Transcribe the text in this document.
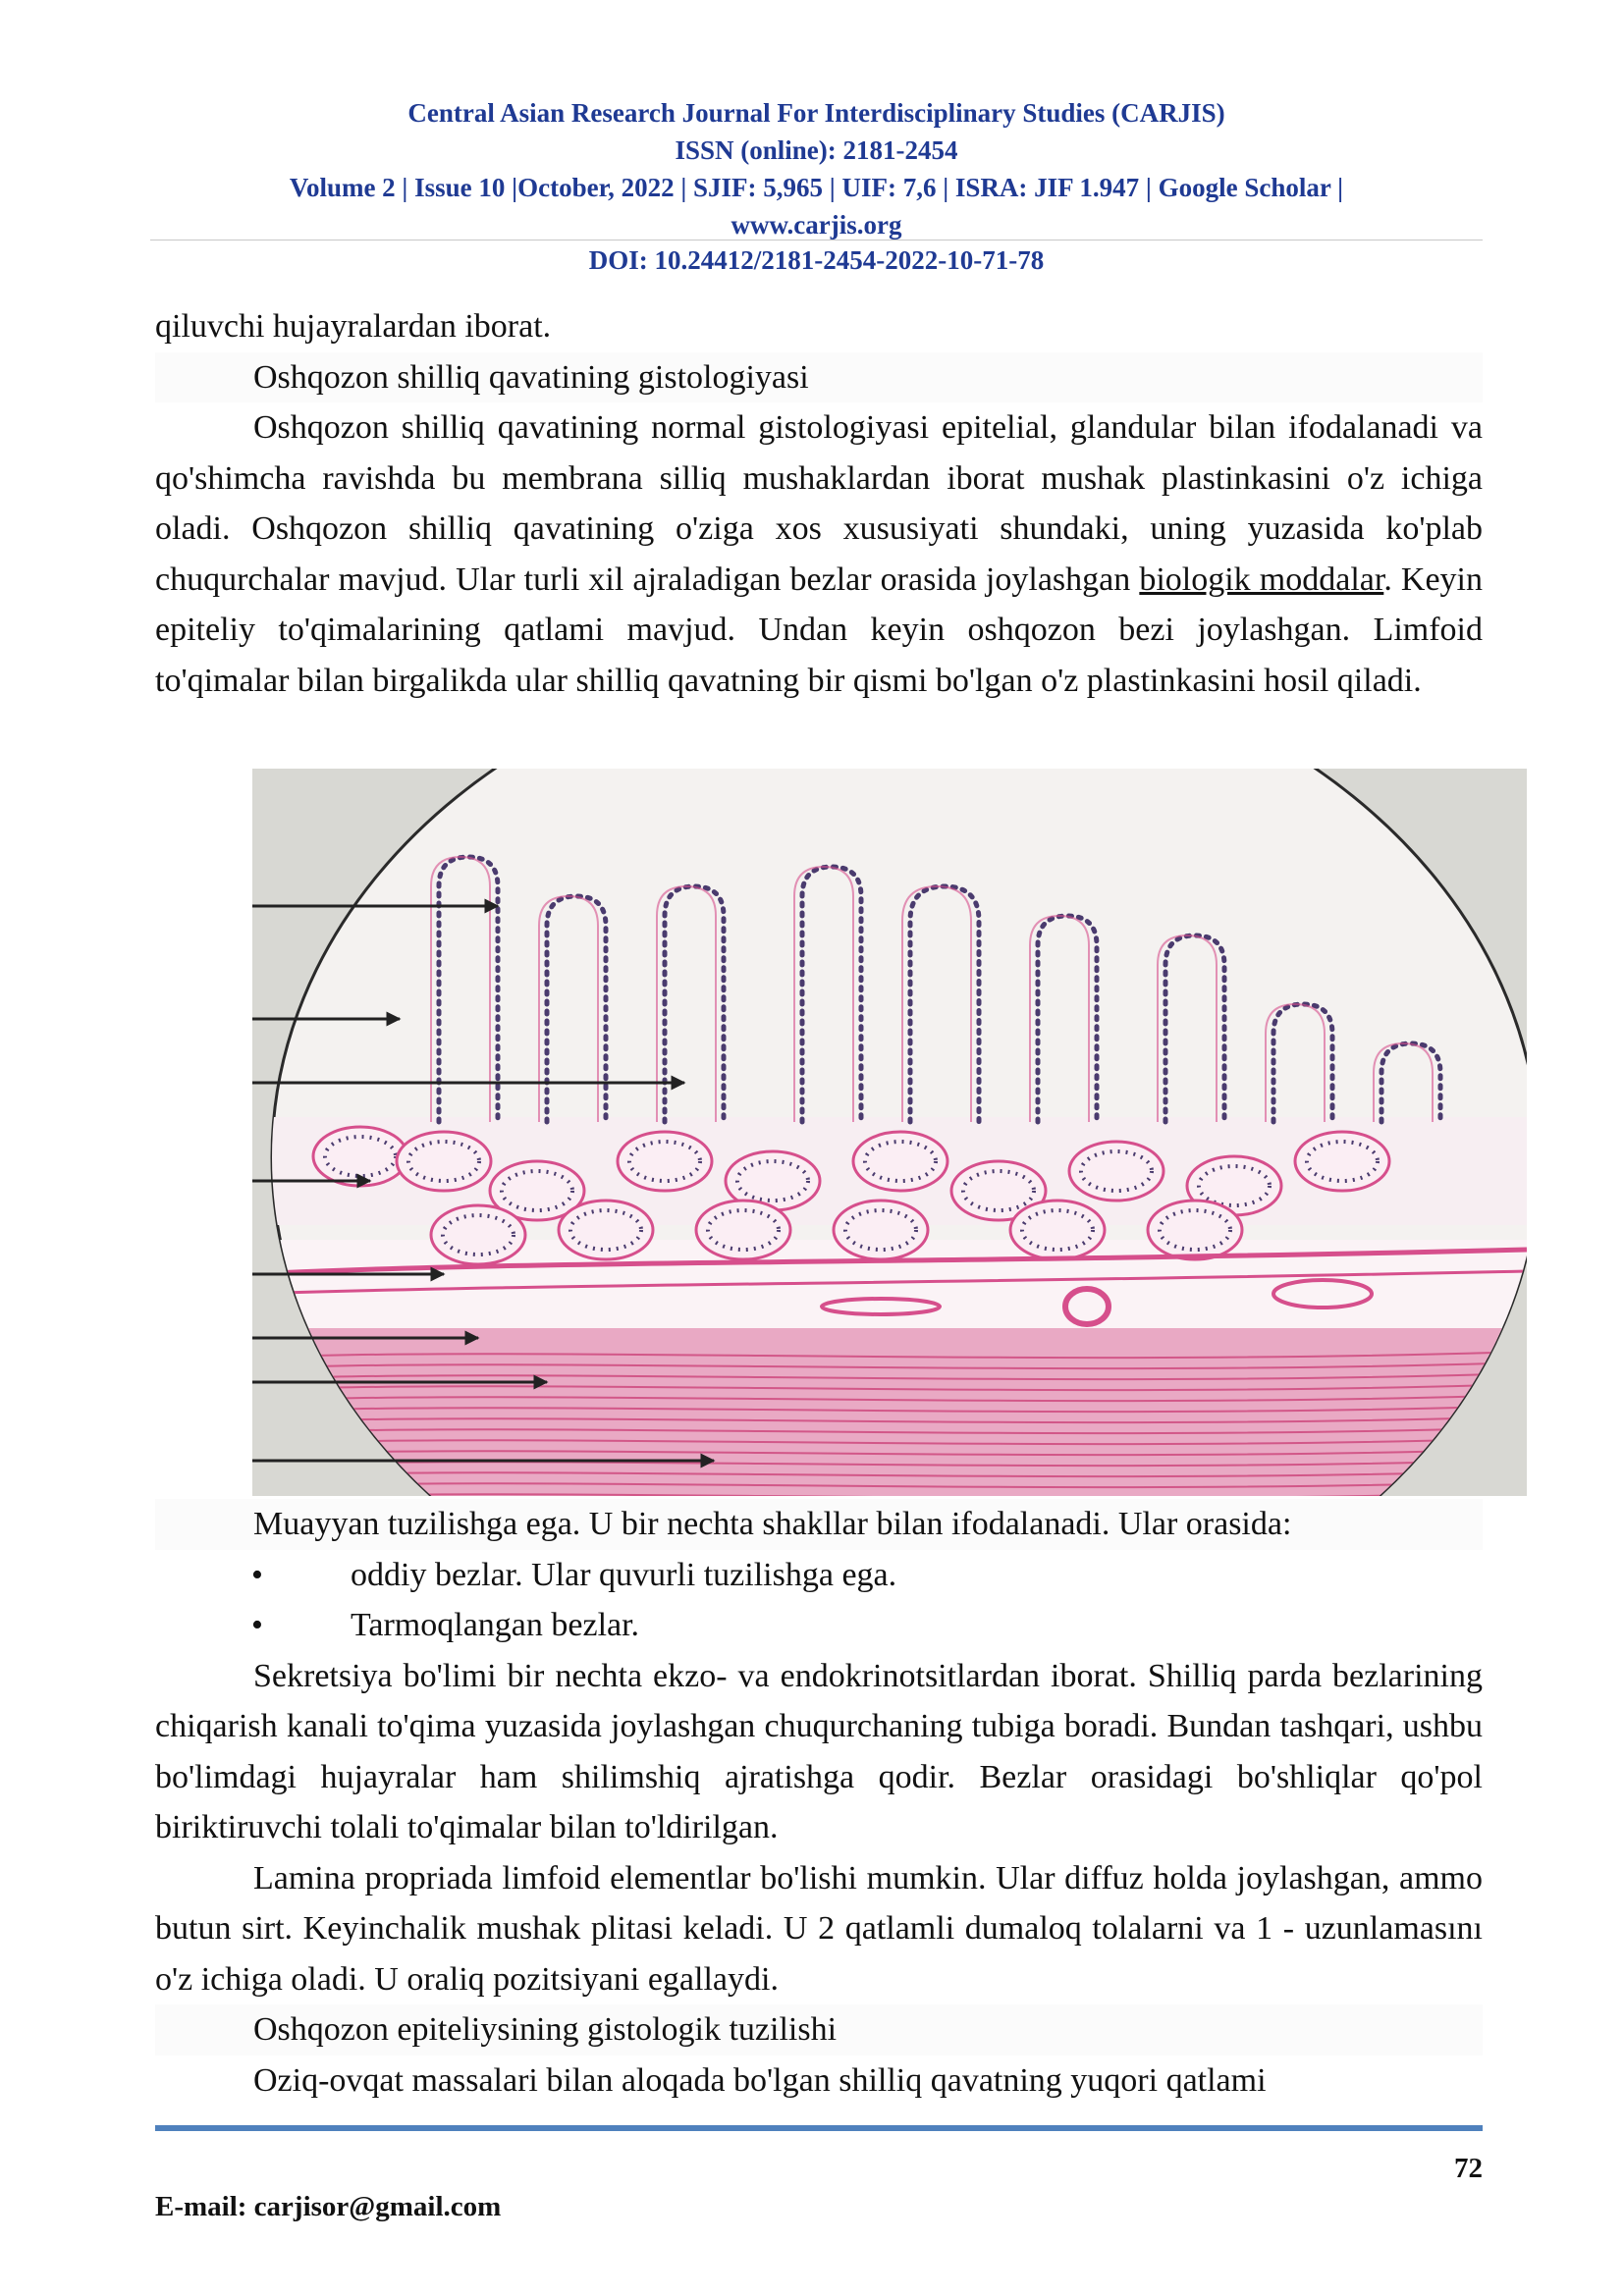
Central Asian Research Journal For Interdisciplinary Studies (CARJIS)
ISSN (online): 2181-2454
Volume 2 | Issue 10 |October, 2022 | SJIF: 5,965 | UIF: 7,6 | ISRA: JIF 1.947 | Google Scholar |
www.carjis.org
DOI: 10.24412/2181-2454-2022-10-71-78

qiluvchi hujayralardan iborat.

Oshqozon shilliq qavatining gistologiyasi

Oshqozon shilliq qavatining normal gistologiyasi epitelial, glandular bilan ifodalanadi va qo'shimcha ravishda bu membrana silliq mushaklardan iborat mushak plastinkasini o'z ichiga oladi. Oshqozon shilliq qavatining o'ziga xos xususiyati shundaki, uning yuzasida ko'plab chuqurchalar mavjud. Ular turli xil ajraladigan bezlar orasida joylashgan biologik moddalar. Keyin epiteliy to'qimalarining qatlami mavjud. Undan keyin oshqozon bezi joylashgan. Limfoid to'qimalar bilan birgalikda ular shilliq qavatning bir qismi bo'lgan o'z plastinkasini hosil qiladi.

Muayyan tuzilishga ega. U bir nechta shakllar bilan ifodalanadi. Ular orasida:

•	oddiy bezlar. Ular quvurli tuzilishga ega.
•	Tarmoqlangan bezlar.

Sekretsiya bo'limi bir nechta ekzo- va endokrinotsitlardan iborat. Shilliq parda bezlarining chiqarish kanali to'qima yuzasida joylashgan chuqurchaning tubiga boradi. Bundan tashqari, ushbu bo'limdagi hujayralar ham shilimshiq ajratishga qodir. Bezlar orasidagi bo'shliqlar qo'pol biriktiruvchi tolali to'qimalar bilan to'ldirilgan.

Lamina propriada limfoid elementlar bo'lishi mumkin. Ular diffuz holda joylashgan, ammo butun sirt. Keyinchalik mushak plitasi keladi. U 2 qatlamli dumaloq tolalarni va 1 - uzunlamasını o'z ichiga oladi. U oraliq pozitsiyani egallaydi.

Oshqozon epiteliysining gistologik tuzilishi

Oziq-ovqat massalari bilan aloqada bo'lgan shilliq qavatning yuqori qatlami

E-mail: carjisor@gmail.com
72
